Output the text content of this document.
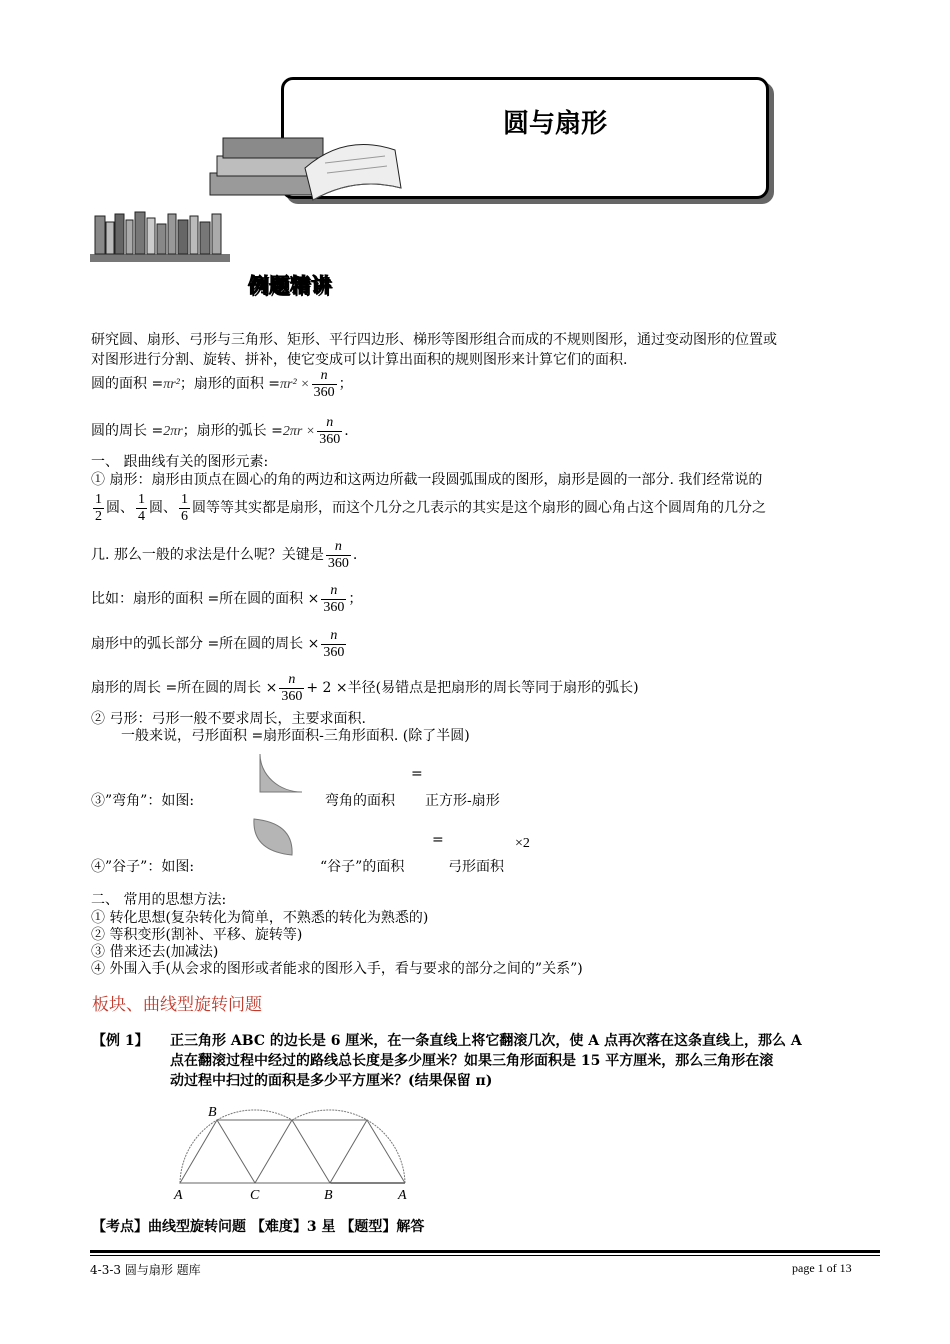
圆与扇形
例题精讲
研究圆、扇形、弓形与三角形、矩形、平行四边形、梯形等图形组合而成的不规则图形，通过变动图形的位置或
对图形进行分割、旋转、拼补，使它变成可以计算出面积的规则图形来计算它们的面积.
圆的面积 =πr²；扇形的面积 $=\pi r^2 \times \frac{n}{360}$ ；
圆的周长 =2πr；扇形的弧长 $=2\pi r \times \frac{n}{360}$ .
一、 跟曲线有关的图形元素:
① 扇形：扇形由顶点在圆心的角的两边和这两边所截一段圆弧围成的图形，扇形是圆的一部分. 我们经常说的
$\frac{1}{2}$ 圆、 $\frac{1}{4}$ 圆、 $\frac{1}{6}$ 圆等等其实都是扇形，而这个几分之几表示的其实是这个扇形的圆心角占这个圆周角的几分之
几. 那么一般的求法是什么呢？关键是 $\frac{n}{360}$ .
比如：扇形的面积 =所在圆的面积 × $\frac{n}{360}$ ；
扇形中的弧长部分 =所在圆的周长 × $\frac{n}{360}$
扇形的周长 =所在圆的周长 × $\frac{n}{360} + 2$ ×半径(易错点是把扇形的周长等同于扇形的弧长)
② 弓形：弓形一般不要求周长，主要求面积.
一般来说，弓形面积 =扇形面积-三角形面积. (除了半圆)
=
③”弯角”：如图:	弯角的面积 正方形-扇形
=	×2
④”谷子”：如图:	“谷子”的面积	弓形面积
二、 常用的思想方法:
① 转化思想(复杂转化为简单，不熟悉的转化为熟悉的)
② 等积变形(割补、平移、旋转等)
③ 借来还去(加减法)
④ 外围入手(从会求的图形或者能求的图形入手，看与要求的部分之间的”关系”)
板块、曲线型旋转问题
【例 1】 正三角形 ABC 的边长是 6 厘米，在一条直线上将它翻滚几次，使 A 点再次落在这条直线上，那么 A
点在翻滚过程中经过的路线总长度是多少厘米？如果三角形面积是 15 平方厘米，那么三角形在滚
动过程中扫过的面积是多少平方厘米？(结果保留 π)
B
A	C	B	A
【考点】曲线型旋转问题 【难度】3 星 【题型】解答
4-3-3 圆与扇形 题库	page 1 of 13
